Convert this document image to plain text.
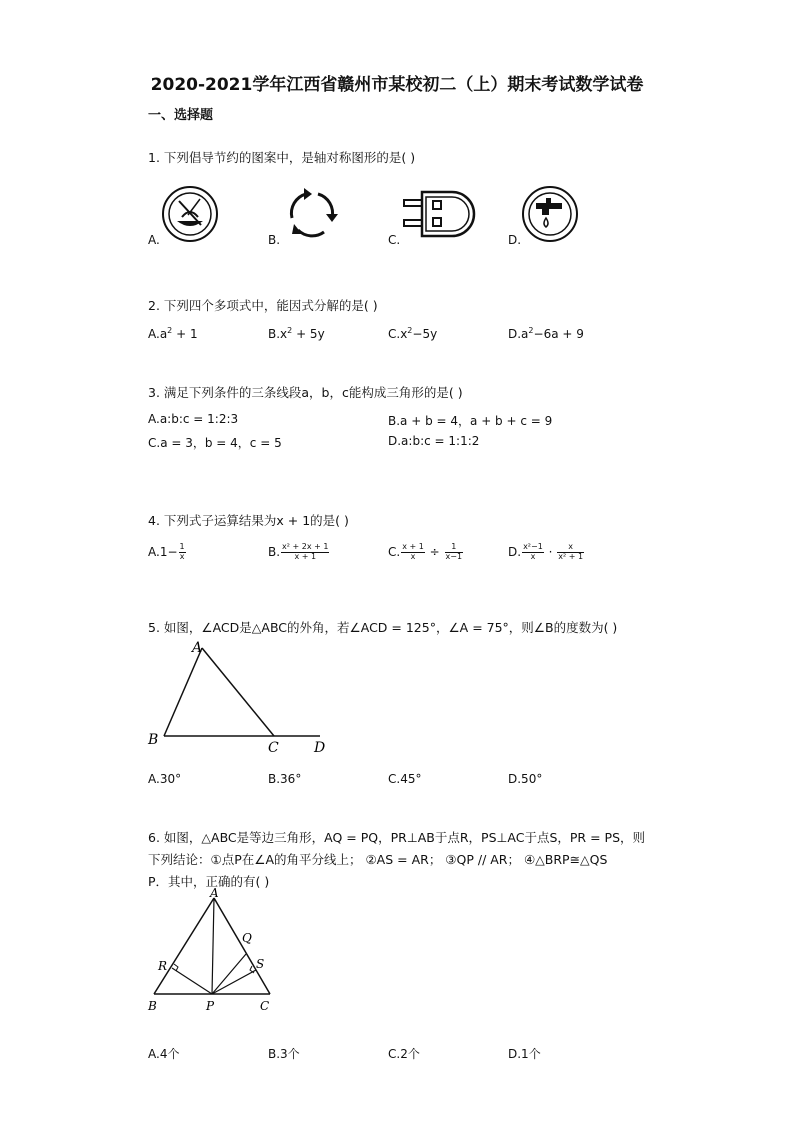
2020-2021学年江西省赣州市某校初二（上）期末考试数学试卷
一、选择题
1. 下列倡导节约的图案中，是轴对称图形的是( )
A.	B.	C.	D.
2. 下列四个多项式中，能因式分解的是( )
$A.a^2 + 1$	$B.x^2 + 5y$	$C.x^2-5y$	$D.a^2-6a + 9$
3. 满足下列条件的三条线段a，b，c能构成三角形的是( )
A.a:b:c = 1:2:3	B.a + b = 4，a + b + c = 9
C.a = 3，b = 4，c = 5	D.a:b:c = 1:1:2
4. 下列式子运算结果为x + 1的是( )
$A.1- \frac{1}{x}$	B. $\frac{\text{x² + 2x + 1}}{x + 1}$	C. $\frac{x + 1}{x} \div \frac{1}{x-1}$	D. $\frac{\text{x²−1}}{x} \cdot \frac{x}{\text{x² + 1}}$
5. 如图，∠ACD是△ABC的外角，若∠ACD = 125°，∠A = 75°，则∠B的度数为( )
A
B	C	D
A.30°	B.36°	C.45°	D.50°
6. 如图，△ABC是等边三角形，AQ = PQ，PR⊥AB于点R，PS⊥AC于点S，PR = PS，则
下列结论：①点P在∠A的角平分线上； ②AS = AR； ③QP // AR； ④△BRP≅△QS
P．其中，正确的有( )
A
Q
R	S
B	P	C
A.4个	B.3个	C.2个	D.1个
